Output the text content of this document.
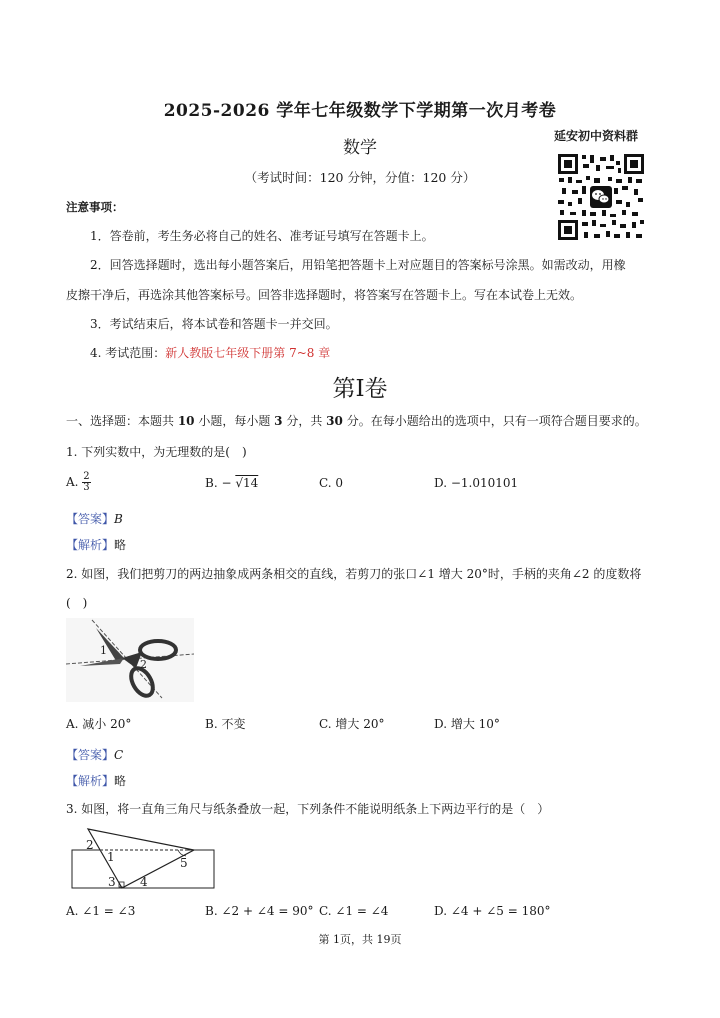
2025-2026 学年七年级数学下学期第一次月考卷
数学
延安初中资料群
（考试时间：120 分钟，分值：120 分）
注意事项：
1．答卷前，考生务必将自己的姓名、准考证号填写在答题卡上。
2．回答选择题时，选出每小题答案后，用铅笔把答题卡上对应题目的答案标号涂黑。如需改动，用橡
皮擦干净后，再选涂其他答案标号。回答非选择题时，将答案写在答题卡上。写在本试卷上无效。
3．考试结束后，将本试卷和答题卡一并交回。
4. 考试范围：新人教版七年级下册第 7~8 章
第Ⅰ卷
一、选择题：本题共 10 小题，每小题 3 分，共 30 分。在每小题给出的选项中，只有一项符合题目要求的。
1. 下列实数中，为无理数的是(　)
A. $\frac{2}{3}$	B. − √14	C. 0	D. −1.010101
【答案】B
【解析】略
2. 如图，我们把剪刀的两边抽象成两条相交的直线，若剪刀的张口∠1 增大 20°时，手柄的夹角∠2 的度数将
(　)
1
2
A. 减小 20°	B. 不变	C. 增大 20°	D. 增大 10°
【答案】C
【解析】略
3. 如图，将一直角三角尺与纸条叠放一起，下列条件不能说明纸条上下两边平行的是（　）
2
1
3 4
5
A. ∠1 = ∠3	B. ∠2 + ∠4 = 90° C. ∠1 = ∠4	D. ∠4 + ∠5 = 180°
第 1页，共 19页
